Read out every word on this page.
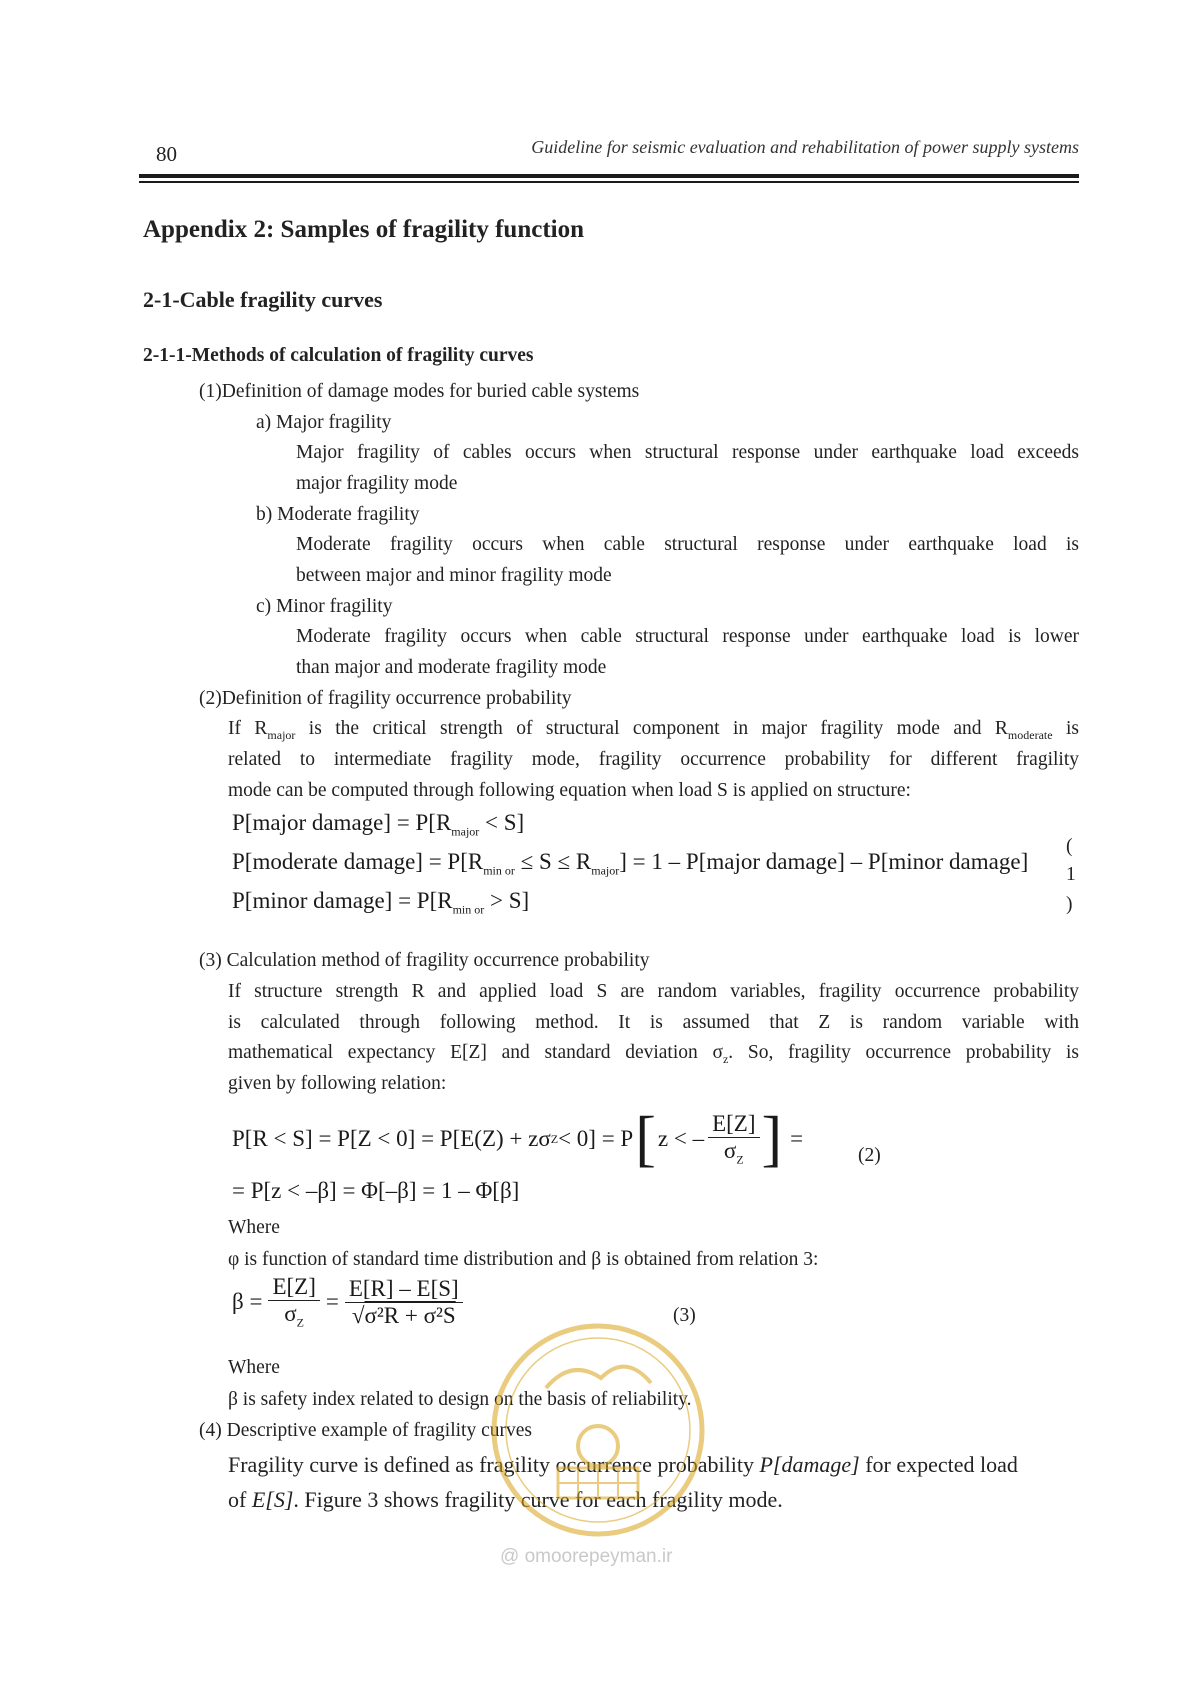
80	Guideline for seismic evaluation and rehabilitation of power supply systems
Appendix 2: Samples of fragility function
2-1-Cable fragility curves
2-1-1-Methods of calculation of fragility curves
(1)Definition of damage modes for buried cable systems
a) Major fragility
Major fragility of cables occurs when structural response under earthquake load exceeds
major fragility mode
b) Moderate fragility
Moderate fragility occurs when cable structural response under earthquake load is
between major and minor fragility mode
c) Minor fragility
Moderate fragility occurs when cable structural response under earthquake load is lower
than major and moderate fragility mode
(2)Definition of fragility occurrence probability
If $R_{major}$ is the critical strength of structural component in major fragility mode and $R_{moderate}$ is
related to intermediate fragility mode, fragility occurrence probability for different fragility
mode can be computed through following equation when load S is applied on structure:
P[major damage] = $P[R_{major} < S]$
P[moderate damage] = $P[R_{min or} \le S \le R_{major}] = 1$ – P[major damage] – P[minor damage]
P[minor damage] = $P[R_{min or} > S]$
(
1
)
(3) Calculation method of fragility occurrence probability
If structure strength R and applied load S are random variables, fragility occurrence probability
is calculated through following method. It is assumed that Z is random variable with
mathematical expectancy E[Z] and standard deviation $\sigma_z$. So, fragility occurrence probability is
given by following relation:
P[R < S] = P[Z < 0] = P[E(Z) + zσ Z < 0] = P [ z < – $\frac{E[Z]}{\sigma_Z}$ ] =
(2)
= P[z < –β] = Φ[–β] = 1 – Φ[β]
Where
φ is function of standard time distribution and β is obtained from relation 3:
$\beta = \frac{E[Z]}{\sigma_Z} = \frac{E[R] - E[S]}{\text{√σ²R + σ²S}}$	(3)
Where
β is safety index related to design on the basis of reliability.
(4) Descriptive example of fragility curves
Fragility curve is defined as fragility occurrence probability P[damage] for expected load
of E[S]. Figure 3 shows fragility curve for each fragility mode.
@ omoorepeyman.ir
